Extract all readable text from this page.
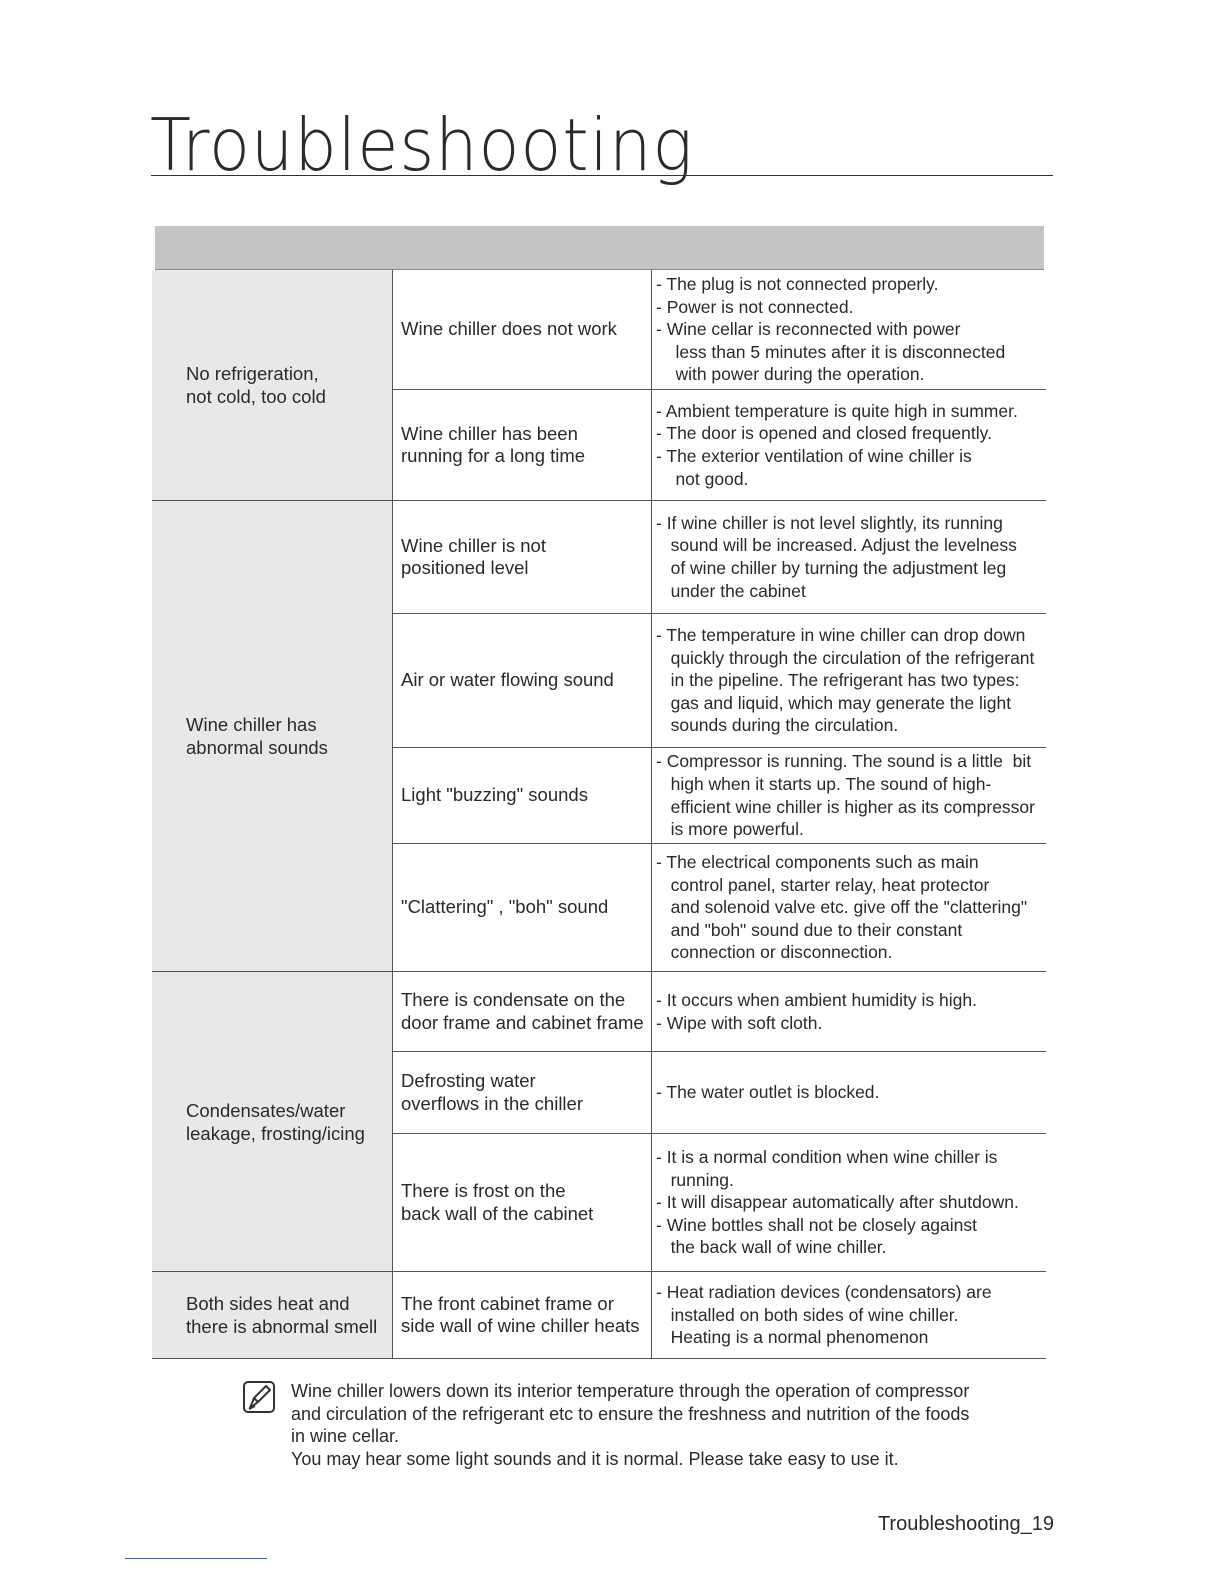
Troubleshooting
No refrigeration,
not cold, too cold
Wine chiller does not work
- The plug is not connected properly.
- Power is not connected.
- Wine cellar is reconnected with power
less than 5 minutes after it is disconnected
with power during the operation.
Wine chiller has been
running for a long time
- Ambient temperature is quite high in summer.
- The door is opened and closed frequently.
- The exterior ventilation of wine chiller is
not good.
Wine chiller has
abnormal sounds
Wine chiller is not
positioned level
- If wine chiller is not level slightly, its running
sound will be increased. Adjust the levelness
of wine chiller by turning the adjustment leg
under the cabinet
Air or water flowing sound
- The temperature in wine chiller can drop down
quickly through the circulation of the refrigerant
in the pipeline. The refrigerant has two types:
gas and liquid, which may generate the light
sounds during the circulation.
Light "buzzing" sounds
- Compressor is running. The sound is a little  bit
high when it starts up. The sound of high-
efficient wine chiller is higher as its compressor
is more powerful.
"Clattering" , "boh" sound
- The electrical components such as main
control panel, starter relay, heat protector
and solenoid valve etc. give off the "clattering"
and "boh" sound due to their constant
connection or disconnection.
Condensates/water
leakage, frosting/icing
There is condensate on the
door frame and cabinet frame
- It occurs when ambient humidity is high.
- Wipe with soft cloth.
Defrosting water
overflows in the chiller
- The water outlet is blocked.
There is frost on the
back wall of the cabinet
- It is a normal condition when wine chiller is
running.
- It will disappear automatically after shutdown.
- Wine bottles shall not be closely against
the back wall of wine chiller.
Both sides heat and
there is abnormal smell
The front cabinet frame or
side wall of wine chiller heats
- Heat radiation devices (condensators) are
installed on both sides of wine chiller.
Heating is a normal phenomenon
Wine chiller lowers down its interior temperature through the operation of compressor
and circulation of the refrigerant etc to ensure the freshness and nutrition of the foods
in wine cellar.
You may hear some light sounds and it is normal. Please take easy to use it.
Troubleshooting_19
